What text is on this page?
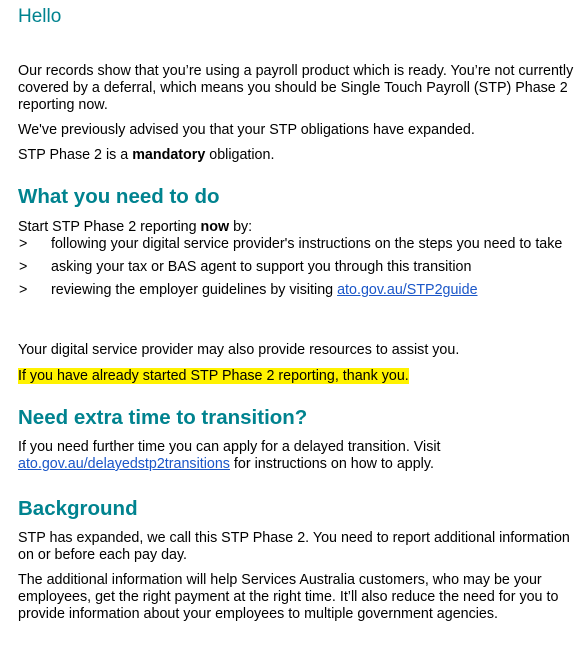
Hello

Our records show that you’re using a payroll product which is ready. You’re not currently covered by a deferral, which means you should be Single Touch Payroll (STP) Phase 2 reporting now.

We've previously advised you that your STP obligations have expanded.

STP Phase 2 is a mandatory obligation.

What you need to do

Start STP Phase 2 reporting now by:

> following your digital service provider's instructions on the steps you need to take
> asking your tax or BAS agent to support you through this transition
> reviewing the employer guidelines by visiting ato.gov.au/STP2guide

Your digital service provider may also provide resources to assist you.

If you have already started STP Phase 2 reporting, thank you.

Need extra time to transition?

If you need further time you can apply for a delayed transition. Visit ato.gov.au/delayedstp2transitions for instructions on how to apply.

Background

STP has expanded, we call this STP Phase 2. You need to report additional information on or before each pay day.

The additional information will help Services Australia customers, who may be your employees, get the right payment at the right time. It’ll also reduce the need for you to provide information about your employees to multiple government agencies.
